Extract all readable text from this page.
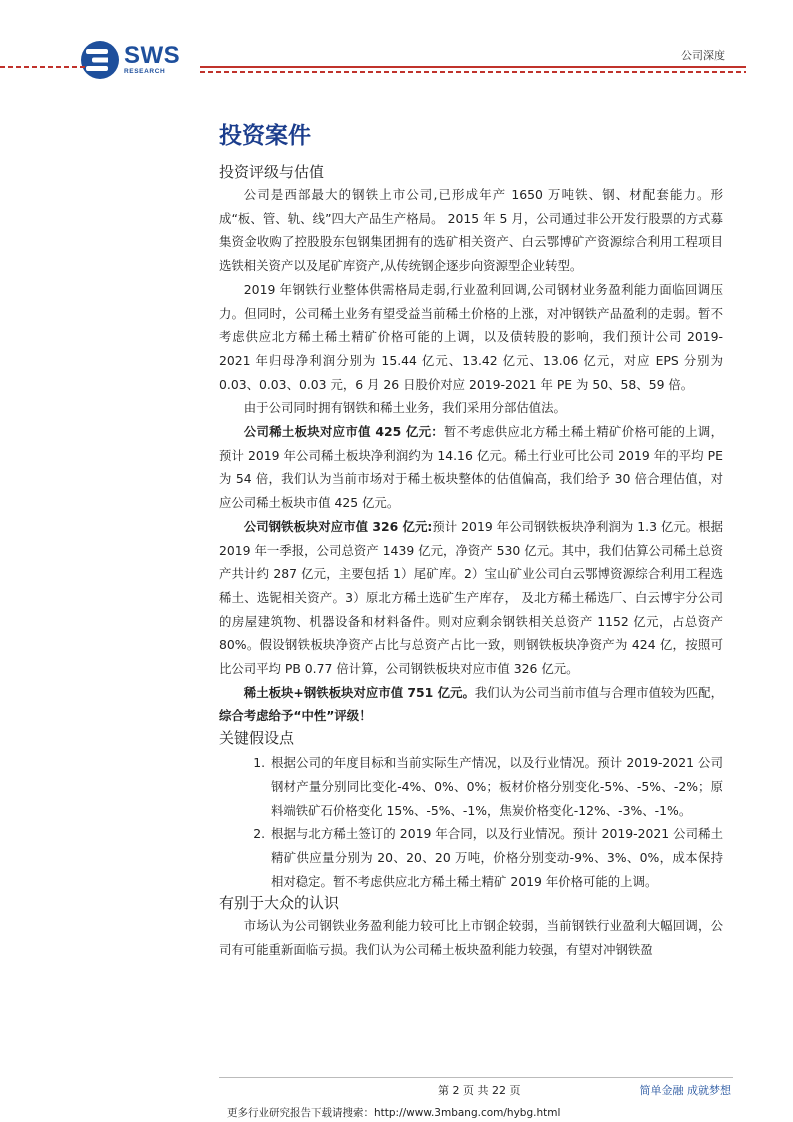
SWS
RESEARCH
公司深度
投资案件
投资评级与估值

公司是西部最大的钢铁上市公司,已形成年产 1650 万吨铁、钢、材配套能力。形成“板、管、轨、线”四大产品生产格局。 2015 年 5 月，公司通过非公开发行股票的方式募集资金收购了控股股东包钢集团拥有的选矿相关资产、白云鄂博矿产资源综合利用工程项目选铁相关资产以及尾矿库资产,从传统钢企逐步向资源型企业转型。

2019 年钢铁行业整体供需格局走弱,行业盈利回调,公司钢材业务盈利能力面临回调压力。但同时，公司稀土业务有望受益当前稀土价格的上涨，对冲钢铁产品盈利的走弱。暂不考虑供应北方稀土稀土精矿价格可能的上调，以及债转股的影响，我们预计公司 2019-2021 年归母净利润分别为 15.44 亿元、13.42 亿元、13.06 亿元，对应 EPS 分别为 0.03、0.03、0.03 元，6 月 26 日股价对应 2019-2021 年 PE 为 50、58、59 倍。

由于公司同时拥有钢铁和稀土业务，我们采用分部估值法。

公司稀土板块对应市值 425 亿元：暂不考虑供应北方稀土稀土精矿价格可能的上调，预计 2019 年公司稀土板块净利润约为 14.16 亿元。稀土行业可比公司 2019 年的平均 PE 为 54 倍，我们认为当前市场对于稀土板块整体的估值偏高，我们给予 30 倍合理估值，对应公司稀土板块市值 425 亿元。

公司钢铁板块对应市值 326 亿元:预计 2019 年公司钢铁板块净利润为 1.3 亿元。根据 2019 年一季报，公司总资产 1439 亿元，净资产 530 亿元。其中，我们估算公司稀土总资产共计约 287 亿元，主要包括 1）尾矿库。2）宝山矿业公司白云鄂博资源综合利用工程选稀土、选铌相关资产。3）原北方稀土选矿生产库存， 及北方稀土稀选厂、白云博宇分公司的房屋建筑物、机器设备和材料备件。则对应剩余钢铁相关总资产 1152 亿元，占总资产 80%。假设钢铁板块净资产占比与总资产占比一致，则钢铁板块净资产为 424 亿，按照可比公司平均 PB 0.77 倍计算，公司钢铁板块对应市值 326 亿元。

稀土板块+钢铁板块对应市值 751 亿元。我们认为公司当前市值与合理市值较为匹配，综合考虑给予“中性”评级！

关键假设点
1. 根据公司的年度目标和当前实际生产情况，以及行业情况。预计 2019-2021 公司钢材产量分别同比变化-4%、0%、0%；板材价格分别变化-5%、-5%、-2%；原料端铁矿石价格变化 15%、-5%、-1%，焦炭价格变化-12%、-3%、-1%。
2. 根据与北方稀土签订的 2019 年合同，以及行业情况。预计 2019-2021 公司稀土精矿供应量分别为 20、20、20 万吨，价格分别变动-9%、3%、0%，成本保持相对稳定。暂不考虑供应北方稀土稀土精矿 2019 年价格可能的上调。
有别于大众的认识

市场认为公司钢铁业务盈利能力较可比上市钢企较弱，当前钢铁行业盈利大幅回调，公司有可能重新面临亏损。我们认为公司稀土板块盈利能力较强，有望对冲钢铁盈

第 2 页 共 22 页	简单金融 成就梦想
更多行业研究报告下载请搜索：http://www.3mbang.com/hybg.html
